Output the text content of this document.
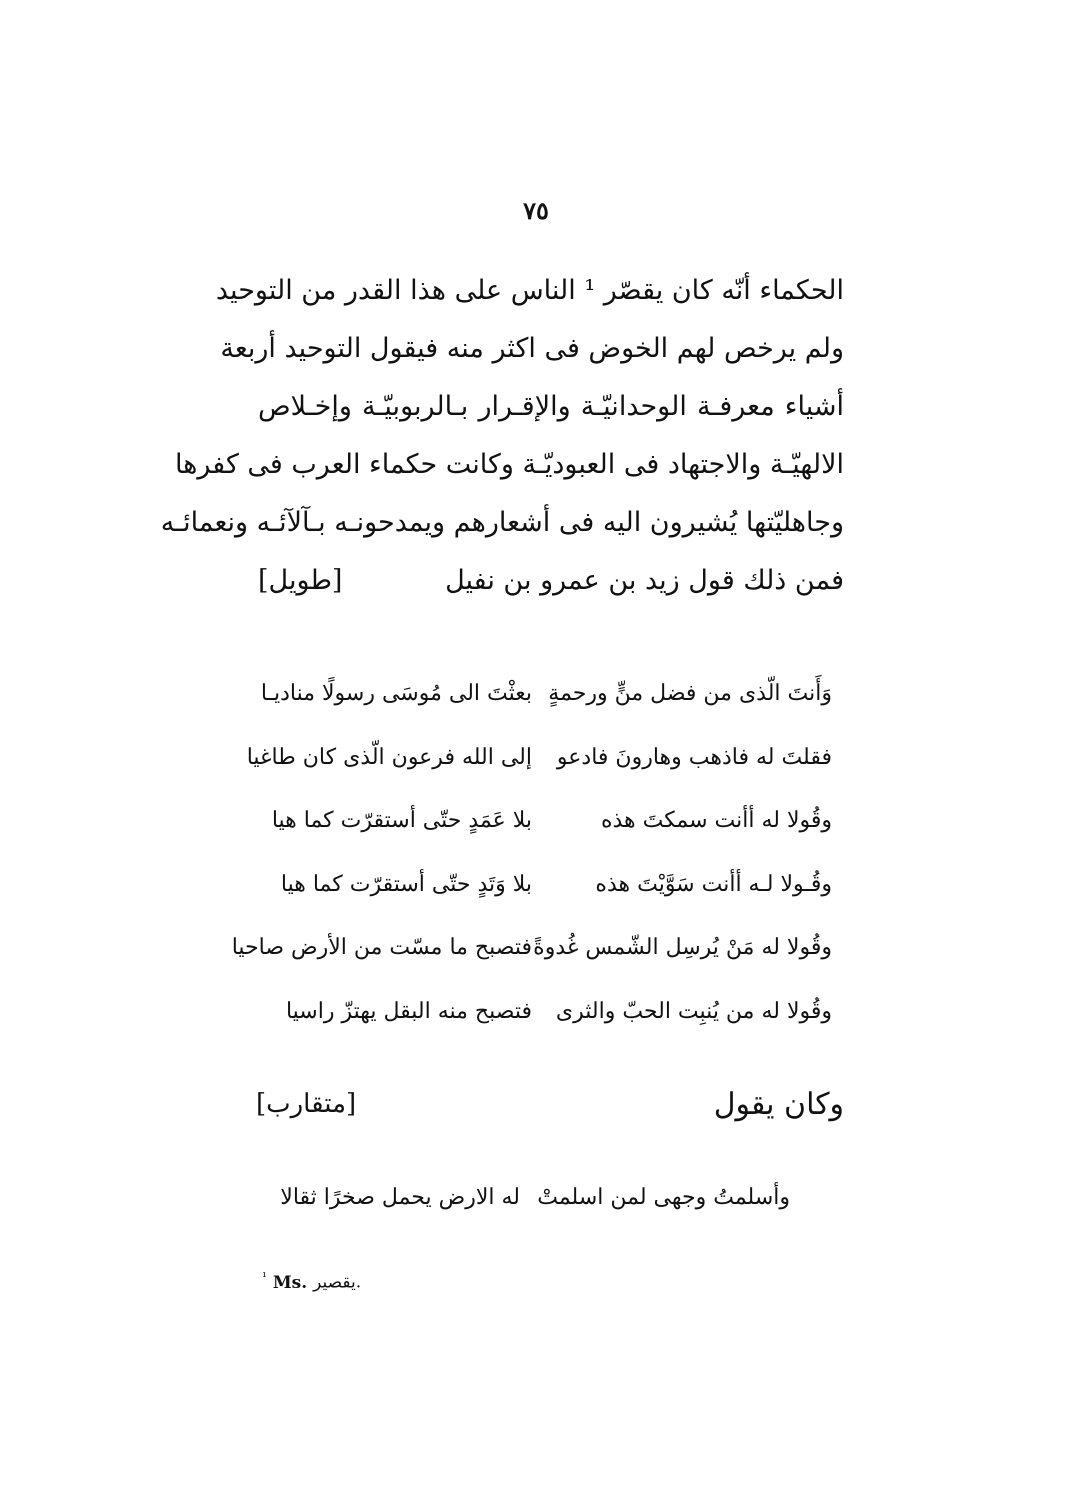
٧٥
الحكماء أنّه كان يقصّر ¹ الناس على هذا القدر من التوحيد
ولم يرخص لهم الخوض فى اكثر منه فيقول التوحيد أربعة
أشياء معرفـة الوحدانيّـة والإقـرار بـالربوبيّـة وإخـلاص
الالهيّـة والاجتهاد فى العبوديّـة وكانت حكماء العرب فى كفرها
وجاهليّتها يُشيرون اليه فى أشعارهم ويمدحونـه بـآلآئـه ونعمائـه
فمن ذلك قول زيد بن عمرو بن نفيل
[طويل]
وَأَنتَ الّذى من فضل منٍّ ورحمةٍ
بعثْتَ الى مُوسَى رسولًا مناديـا
فقلتَ له فاذهب وهارونَ فادعو
إلى الله فرعون الّذى كان طاغيا
وقُولا له أأنت سمكتَ هذه
بلا عَمَدٍ حتّى أستقرّت كما هيا
وقُـولا لـه أأنت سَوَّيْتَ هذه
بلا وَتَدٍ حتّى أستقرّت كما هيا
وقُولا له مَنْ يُرسِل الشّمس غُدوةً
فتصبح ما مسّت من الأرض صاحيا
وقُولا له من يُنبِت الحبّ والثرى
فتصبح منه البقل يهتزّ راسيا
وكان يقول
[متقارب]
وأسلمتُ وجهى لمن اسلمتْ
له الارض يحمل صخرًا ثقالا
$^{^1}$ Ms. يقصير.
